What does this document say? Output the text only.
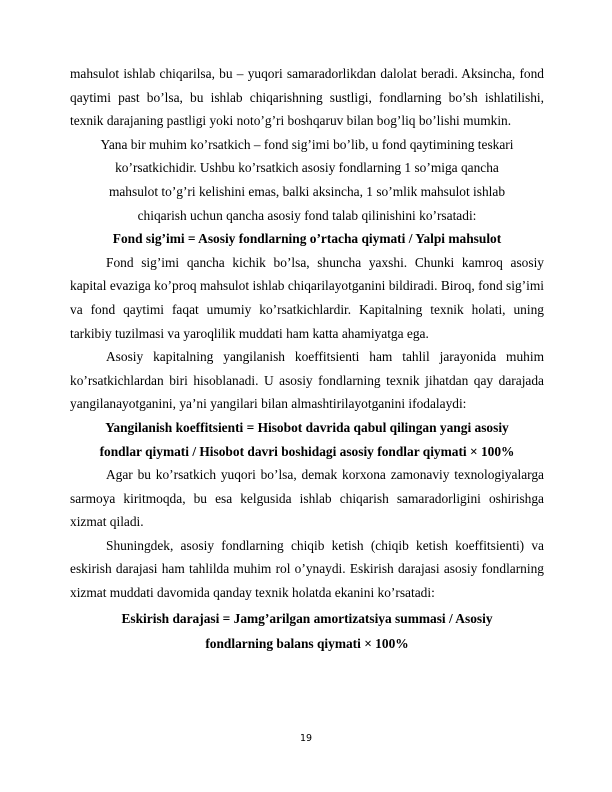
mahsulot ishlab chiqarilsa, bu – yuqori samaradorlikdan dalolat beradi. Aksincha, fond qaytimi past bo’lsa, bu ishlab chiqarishning sustligi, fondlarning bo’sh ishlatilishi, texnik darajaning pastligi yoki noto’g’ri boshqaruv bilan bog’liq bo’lishi mumkin.

Yana bir muhim ko’rsatkich – fond sig’imi bo’lib, u fond qaytimining teskari ko’rsatkichidir. Ushbu ko’rsatkich asosiy fondlarning 1 so’miga qancha mahsulot to’g’ri kelishini emas, balki aksincha, 1 so’mlik mahsulot ishlab chiqarish uchun qancha asosiy fond talab qilinishini ko’rsatadi:

Fond sig’imi = Asosiy fondlarning o’rtacha qiymati / Yalpi mahsulot

Fond sig’imi qancha kichik bo’lsa, shuncha yaxshi. Chunki kamroq asosiy kapital evaziga ko’proq mahsulot ishlab chiqarilayotganini bildiradi. Biroq, fond sig’imi va fond qaytimi faqat umumiy ko’rsatkichlardir. Kapitalning texnik holati, uning tarkibiy tuzilmasi va yaroqlilik muddati ham katta ahamiyatga ega.

Asosiy kapitalning yangilanish koeffitsienti ham tahlil jarayonida muhim ko’rsatkichlardan biri hisoblanadi. U asosiy fondlarning texnik jihatdan qay darajada yangilanayotganini, ya’ni yangilari bilan almashtirilayotganini ifodalaydi:

Yangilanish koeffitsienti = Hisobot davrida qabul qilingan yangi asosiy

fondlar qiymati / Hisobot davri boshidagi asosiy fondlar qiymati × 100%

Agar bu ko’rsatkich yuqori bo’lsa, demak korxona zamonaviy texnologiyalarga sarmoya kiritmoqda, bu esa kelgusida ishlab chiqarish samaradorligini oshirishga xizmat qiladi.

Shuningdek, asosiy fondlarning chiqib ketish (chiqib ketish koeffitsienti) va eskirish darajasi ham tahlilda muhim rol o’ynaydi. Eskirish darajasi asosiy fondlarning xizmat muddati davomida qanday texnik holatda ekanini ko’rsatadi:

Eskirish darajasi = Jamg’arilgan amortizatsiya summasi / Asosiy

fondlarning balans qiymati × 100%

19
